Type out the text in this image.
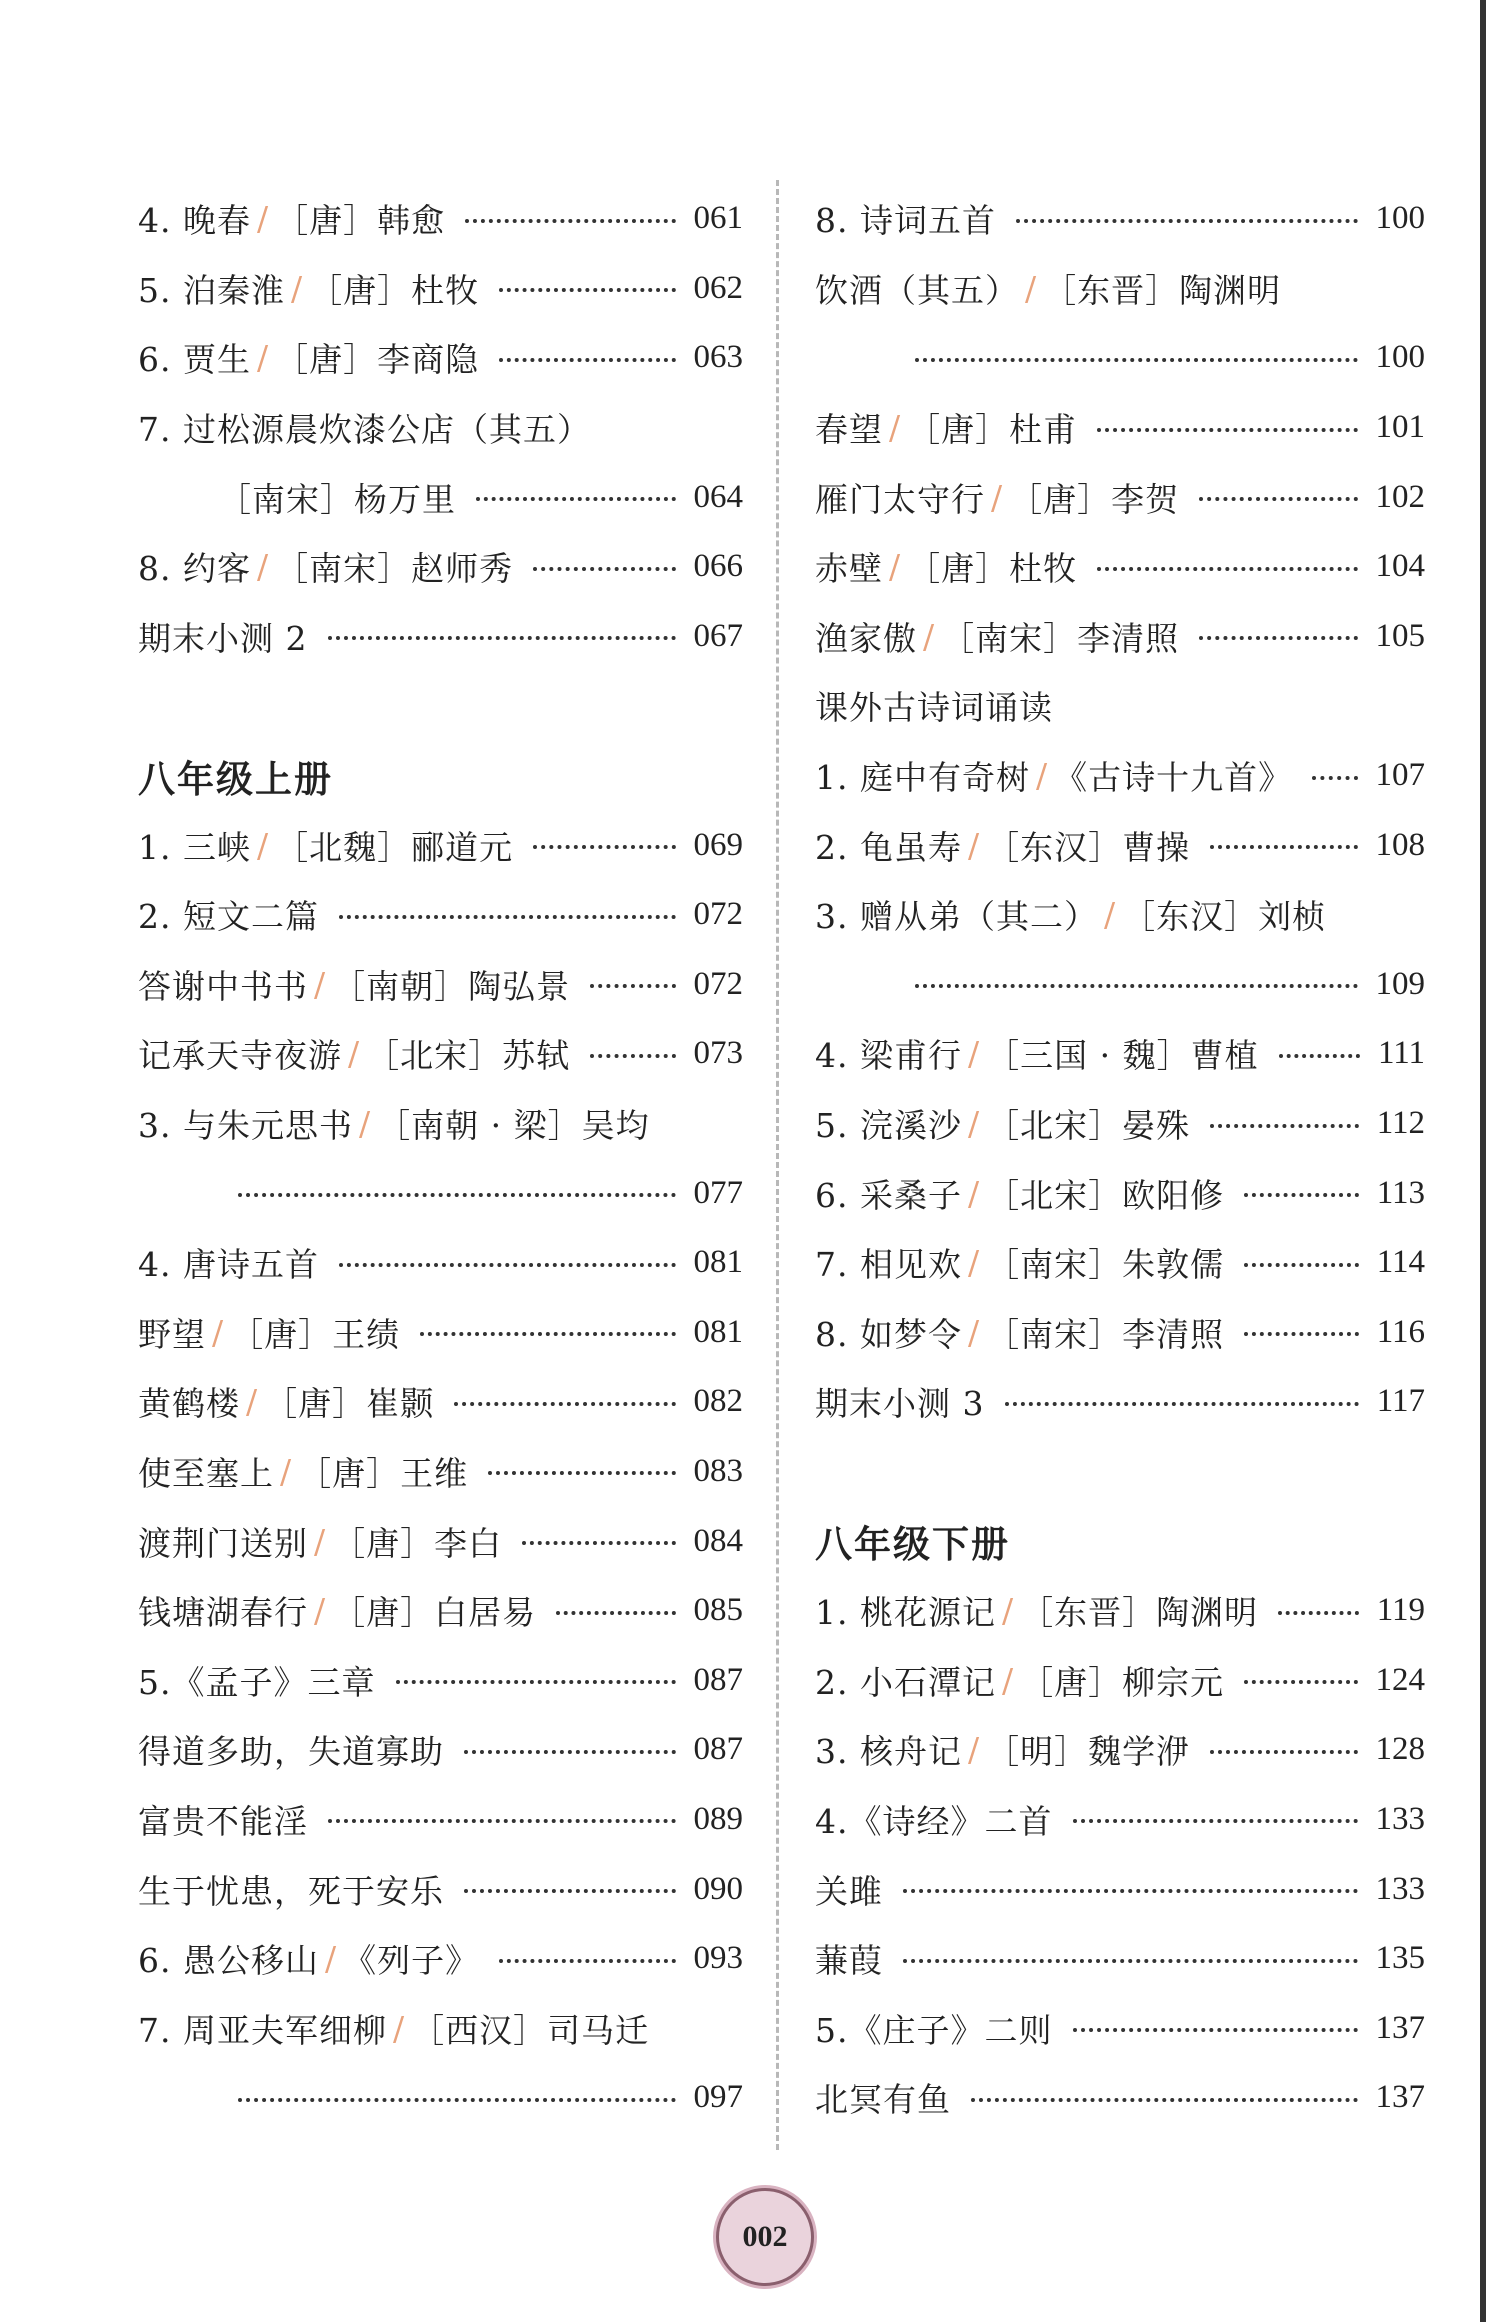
4. 晚春 / ［唐］韩愈	061
5. 泊秦淮 / ［唐］杜牧	062
6. 贾生 / ［唐］李商隐	063
7. 过松源晨炊漆公店（其五）
［南宋］杨万里	064
8. 约客 / ［南宋］赵师秀	066
期末小测 2	067
八年级上册
1. 三峡 / ［北魏］郦道元	069
2. 短文二篇	072
答谢中书书 / ［南朝］陶弘景	072
记承天寺夜游 / ［北宋］苏轼	073
3. 与朱元思书 / ［南朝 · 梁］吴均
077
4. 唐诗五首	081
野望 / ［唐］王绩	081
黄鹤楼 / ［唐］崔颢	082
使至塞上 / ［唐］王维	083
渡荆门送别 / ［唐］李白	084
钱塘湖春行 / ［唐］白居易	085
5.《孟子》三章	087
得道多助，失道寡助	087
富贵不能淫	089
生于忧患，死于安乐	090
6. 愚公移山 / 《列子》	093
7. 周亚夫军细柳 / ［西汉］司马迁
097
8. 诗词五首	100
饮酒（其五） / ［东晋］陶渊明
100
春望 / ［唐］杜甫	101
雁门太守行 / ［唐］李贺	102
赤壁 / ［唐］杜牧	104
渔家傲 / ［南宋］李清照	105
课外古诗词诵读
1. 庭中有奇树 / 《古诗十九首》	107
2. 龟虽寿 / ［东汉］曹操	108
3. 赠从弟（其二） / ［东汉］刘桢
109
4. 梁甫行 / ［三国 · 魏］曹植	111
5. 浣溪沙 / ［北宋］晏殊	112
6. 采桑子 / ［北宋］欧阳修	113
7. 相见欢 / ［南宋］朱敦儒	114
8. 如梦令 / ［南宋］李清照	116
期末小测 3	117
八年级下册
1. 桃花源记 / ［东晋］陶渊明	119
2. 小石潭记 / ［唐］柳宗元	124
3. 核舟记 / ［明］魏学洢	128
4.《诗经》二首	133
关雎	133
蒹葭	135
5.《庄子》二则	137
北冥有鱼	137
002
